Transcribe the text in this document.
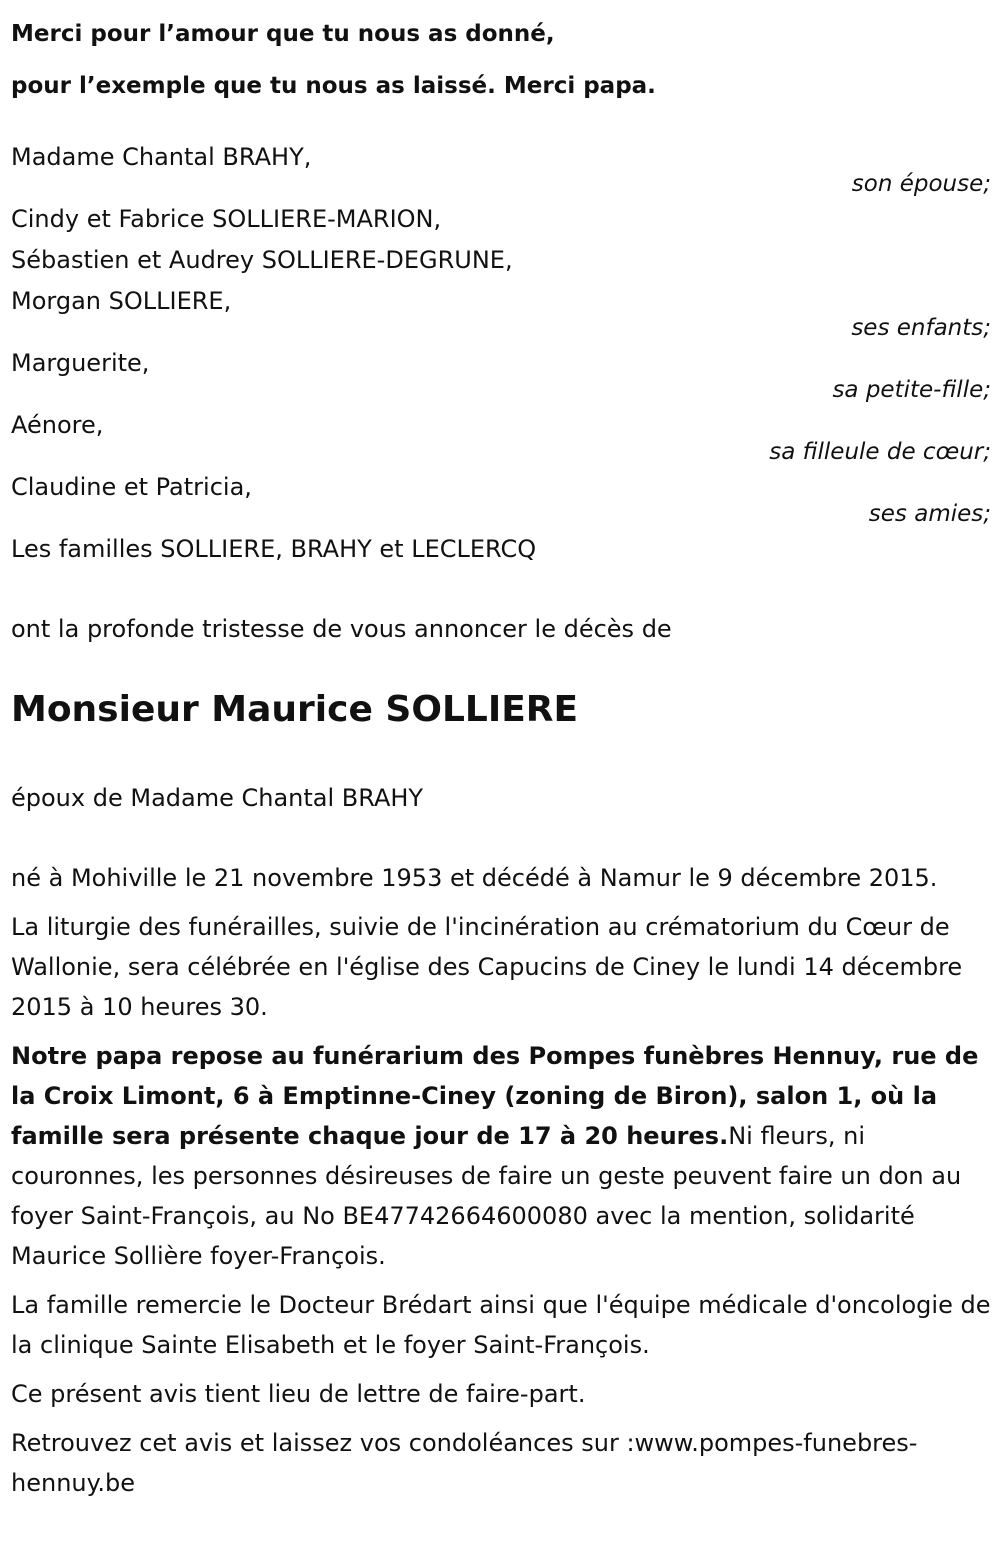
Merci pour l’amour que tu nous as donné,
pour l’exemple que tu nous as laissé. Merci papa.

Madame Chantal BRAHY,
son épouse;
Cindy et Fabrice SOLLIERE-MARION,
Sébastien et Audrey SOLLIERE-DEGRUNE,
Morgan SOLLIERE,
ses enfants;
Marguerite,
sa petite-fille;
Aénore,
sa filleule de cœur;
Claudine et Patricia,
ses amies;
Les familles SOLLIERE, BRAHY et LECLERCQ

ont la profonde tristesse de vous annoncer le décès de

Monsieur Maurice SOLLIERE

époux de Madame Chantal BRAHY

né à Mohiville le 21 novembre 1953 et décédé à Namur le 9 décembre 2015.

La liturgie des funérailles, suivie de l'incinération au crématorium du Cœur de Wallonie, sera célébrée en l'église des Capucins de Ciney le lundi 14 décembre 2015 à 10 heures 30.

Notre papa repose au funérarium des Pompes funèbres Hennuy, rue de la Croix Limont, 6 à Emptinne-Ciney (zoning de Biron), salon 1, où la famille sera présente chaque jour de 17 à 20 heures.Ni fleurs, ni couronnes, les personnes désireuses de faire un geste peuvent faire un don au foyer Saint-François, au No BE47742664600080 avec la mention, solidarité Maurice Sollière foyer-François.

La famille remercie le Docteur Brédart ainsi que l'équipe médicale d'oncologie de la clinique Sainte Elisabeth et le foyer Saint-François.

Ce présent avis tient lieu de lettre de faire-part.

Retrouvez cet avis et laissez vos condoléances sur :www.pompes-funebres-hennuy.be
